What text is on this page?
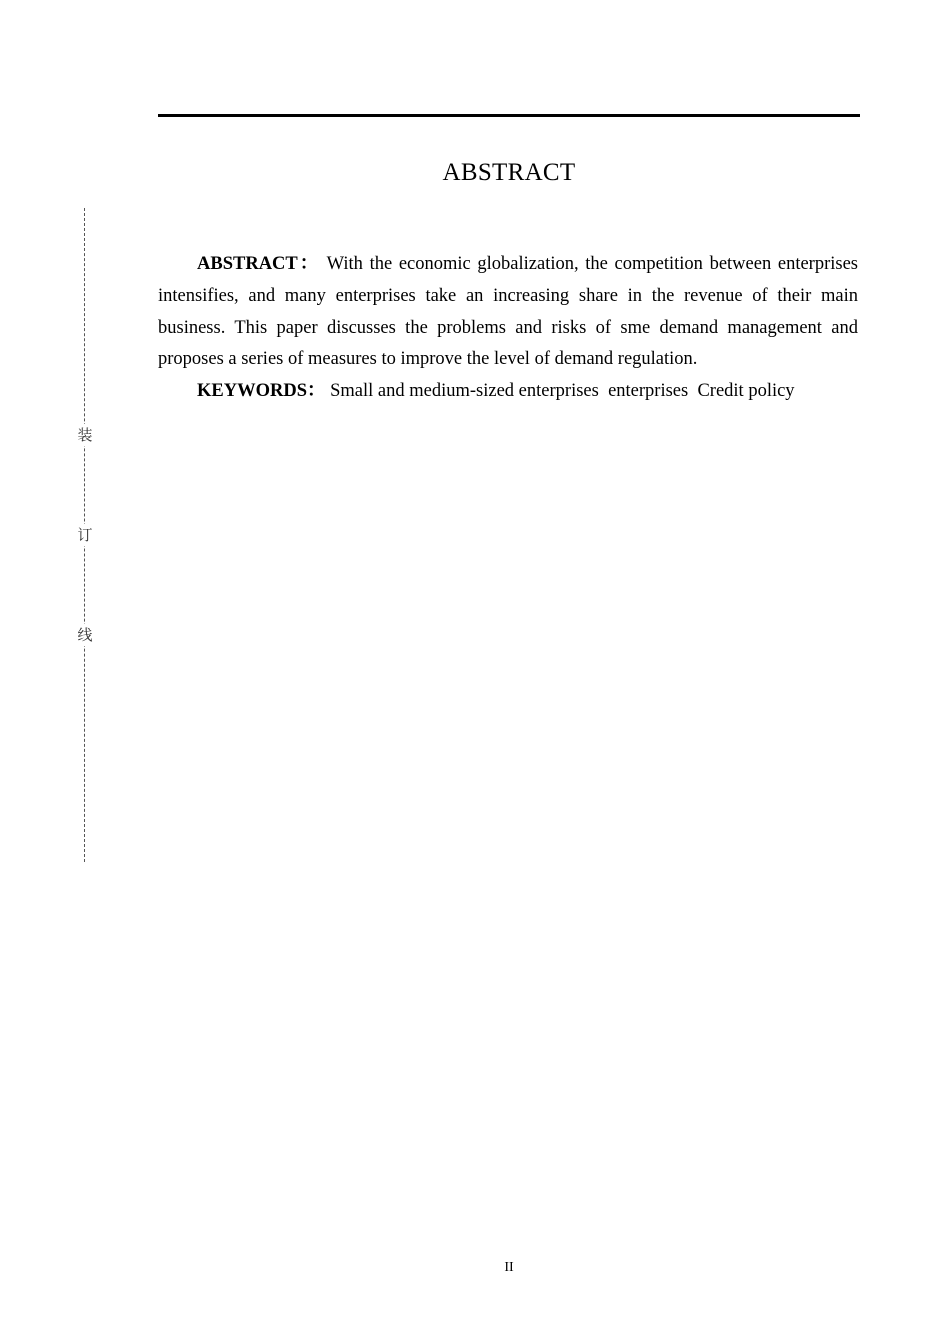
装
订
线
ABSTRACT

ABSTRACT： With the economic globalization, the competition between enterprises intensifies, and many enterprises take an increasing share in the revenue of their main business. This paper discusses the problems and risks of sme demand management and proposes a series of measures to improve the level of demand regulation.

KEYWORDS： Small and medium-sized enterprises  enterprises  Credit policy

II
